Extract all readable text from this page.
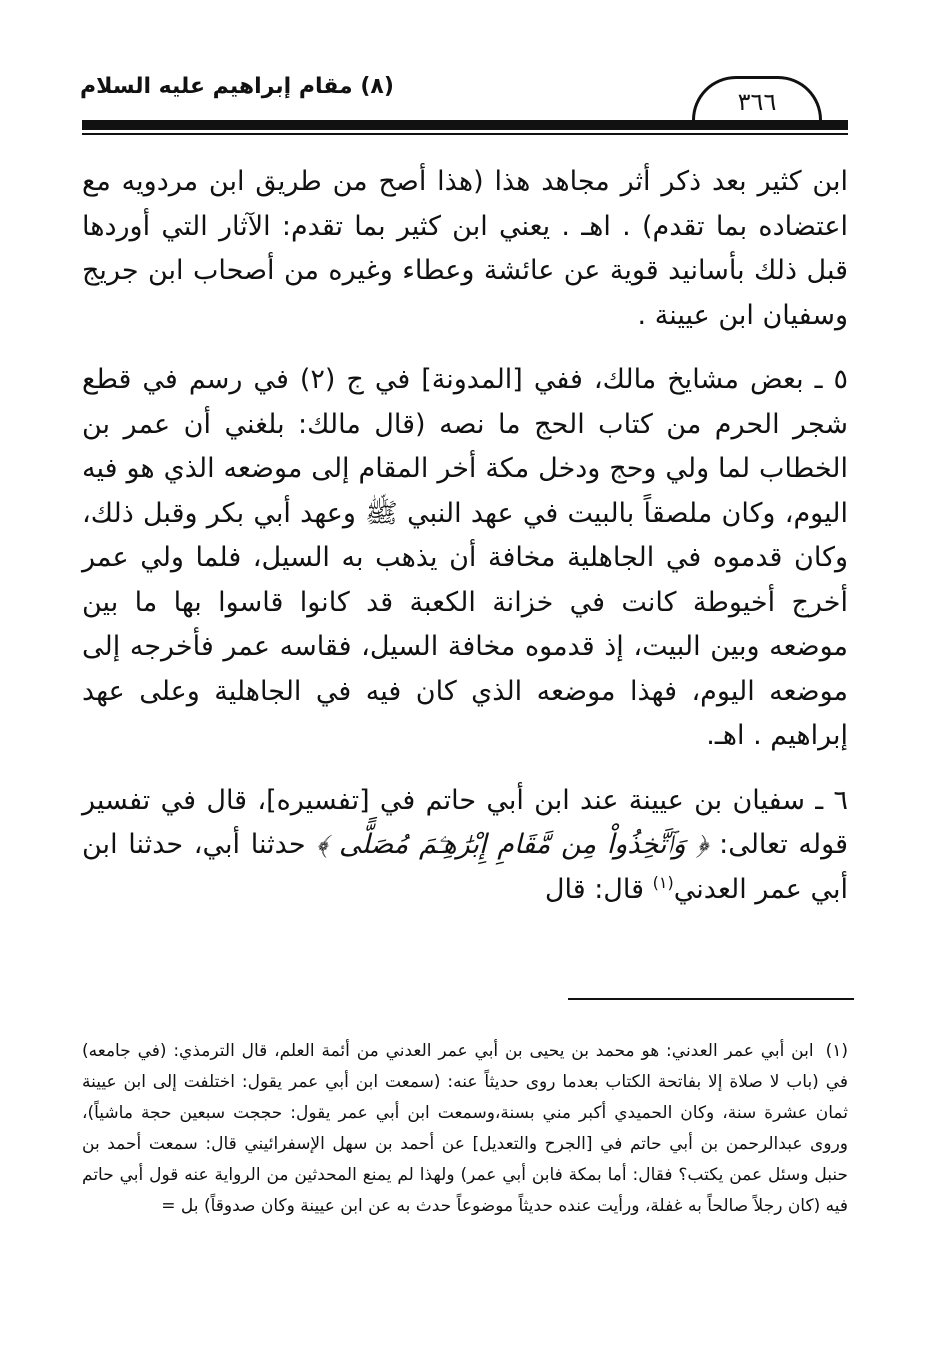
(٨) مقام إبراهيم عليه السلام
٣٦٦

ابن كثير بعد ذكر أثر مجاهد هذا (هذا أصح من طريق ابن مردويه مع اعتضاده بما تقدم) . اهـ . يعني ابن كثير بما تقدم: الآثار التي أوردها قبل ذلك بأسانيد قوية عن عائشة وعطاء وغيره من أصحاب ابن جريج وسفيان ابن عيينة .

٥ ـ بعض مشايخ مالك، ففي [المدونة] في ج (٢) في رسم في قطع شجر الحرم من كتاب الحج ما نصه (قال مالك: بلغني أن عمر بن الخطاب لما ولي وحج ودخل مكة أخر المقام إلى موضعه الذي هو فيه اليوم، وكان ملصقاً بالبيت في عهد النبي ﷺ وعهد أبي بكر وقبل ذلك، وكان قدموه في الجاهلية مخافة أن يذهب به السيل، فلما ولي عمر أخرج أخيوطة كانت في خزانة الكعبة قد كانوا قاسوا بها ما بين موضعه وبين البيت، إذ قدموه مخافة السيل، فقاسه عمر فأخرجه إلى موضعه اليوم، فهذا موضعه الذي كان فيه في الجاهلية وعلى عهد إبراهيم . اهـ.

٦ ـ سفيان بن عيينة عند ابن أبي حاتم في [تفسيره]، قال في تفسير قوله تعالى: ﴿ وَٱتَّخِذُواْ مِن مَّقَامِ إِبْرَٰهِـۧمَ مُصَلًّى ﴾ حدثنا أبي، حدثنا ابن أبي عمر العدني$^{(١)}$ قال: قال

(١)ابن أبي عمر العدني: هو محمد بن يحيى بن أبي عمر العدني من أئمة العلم، قال الترمذي: (في جامعه) في (باب لا صلاة إلا بفاتحة الكتاب بعدما روى حديثاً عنه: (سمعت ابن أبي عمر يقول: اختلفت إلى ابن عيينة ثمان عشرة سنة، وكان الحميدي أكبر مني بسنة،وسمعت ابن أبي عمر يقول: حججت سبعين حجة ماشياً)، وروى عبدالرحمن بن أبي حاتم في [الجرح والتعديل] عن أحمد بن سهل الإسفرائيني قال: سمعت أحمد بن حنبل وسئل عمن يكتب؟ فقال: أما بمكة فابن أبي عمر) ولهذا لم يمنع المحدثين من الرواية عنه قول أبي حاتم فيه (كان رجلاً صالحاً به غفلة، ورأيت عنده حديثاً موضوعاً حدث به عن ابن عيينة وكان صدوقاً) بل =
